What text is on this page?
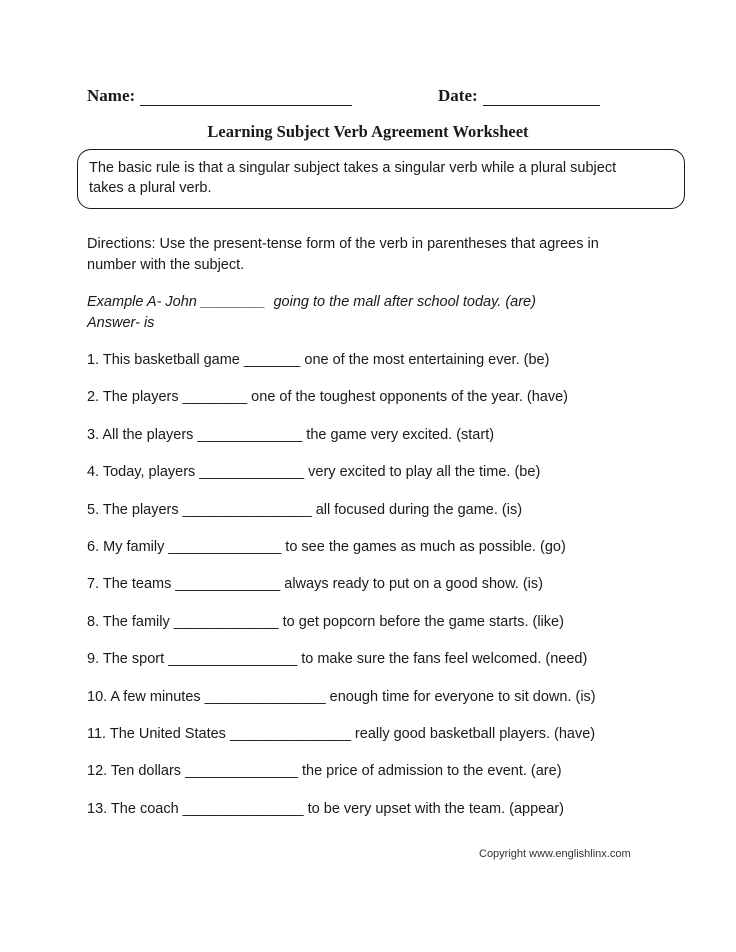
Name:	Date:
Learning Subject Verb Agreement Worksheet
The basic rule is that a singular subject takes a singular verb while a plural subject
takes a plural verb.
Directions: Use the present-tense form of the verb in parentheses that agrees in
number with the subject.
Example A- John ________  going to the mall after school today. (are)
Answer- is
1. This basketball game _______ one of the most entertaining ever. (be)
2. The players ________ one of the toughest opponents of the year. (have)
3. All the players _____________ the game very excited. (start)
4. Today, players _____________ very excited to play all the time. (be)
5. The players ________________ all focused during the game. (is)
6. My family ______________ to see the games as much as possible. (go)
7. The teams _____________ always ready to put on a good show. (is)
8. The family _____________ to get popcorn before the game starts. (like)
9. The sport ________________ to make sure the fans feel welcomed. (need)
10. A few minutes _______________ enough time for everyone to sit down. (is)
11. The United States _______________ really good basketball players. (have)
12. Ten dollars ______________ the price of admission to the event. (are)
13. The coach _______________ to be very upset with the team. (appear)
Copyright www.englishlinx.com
